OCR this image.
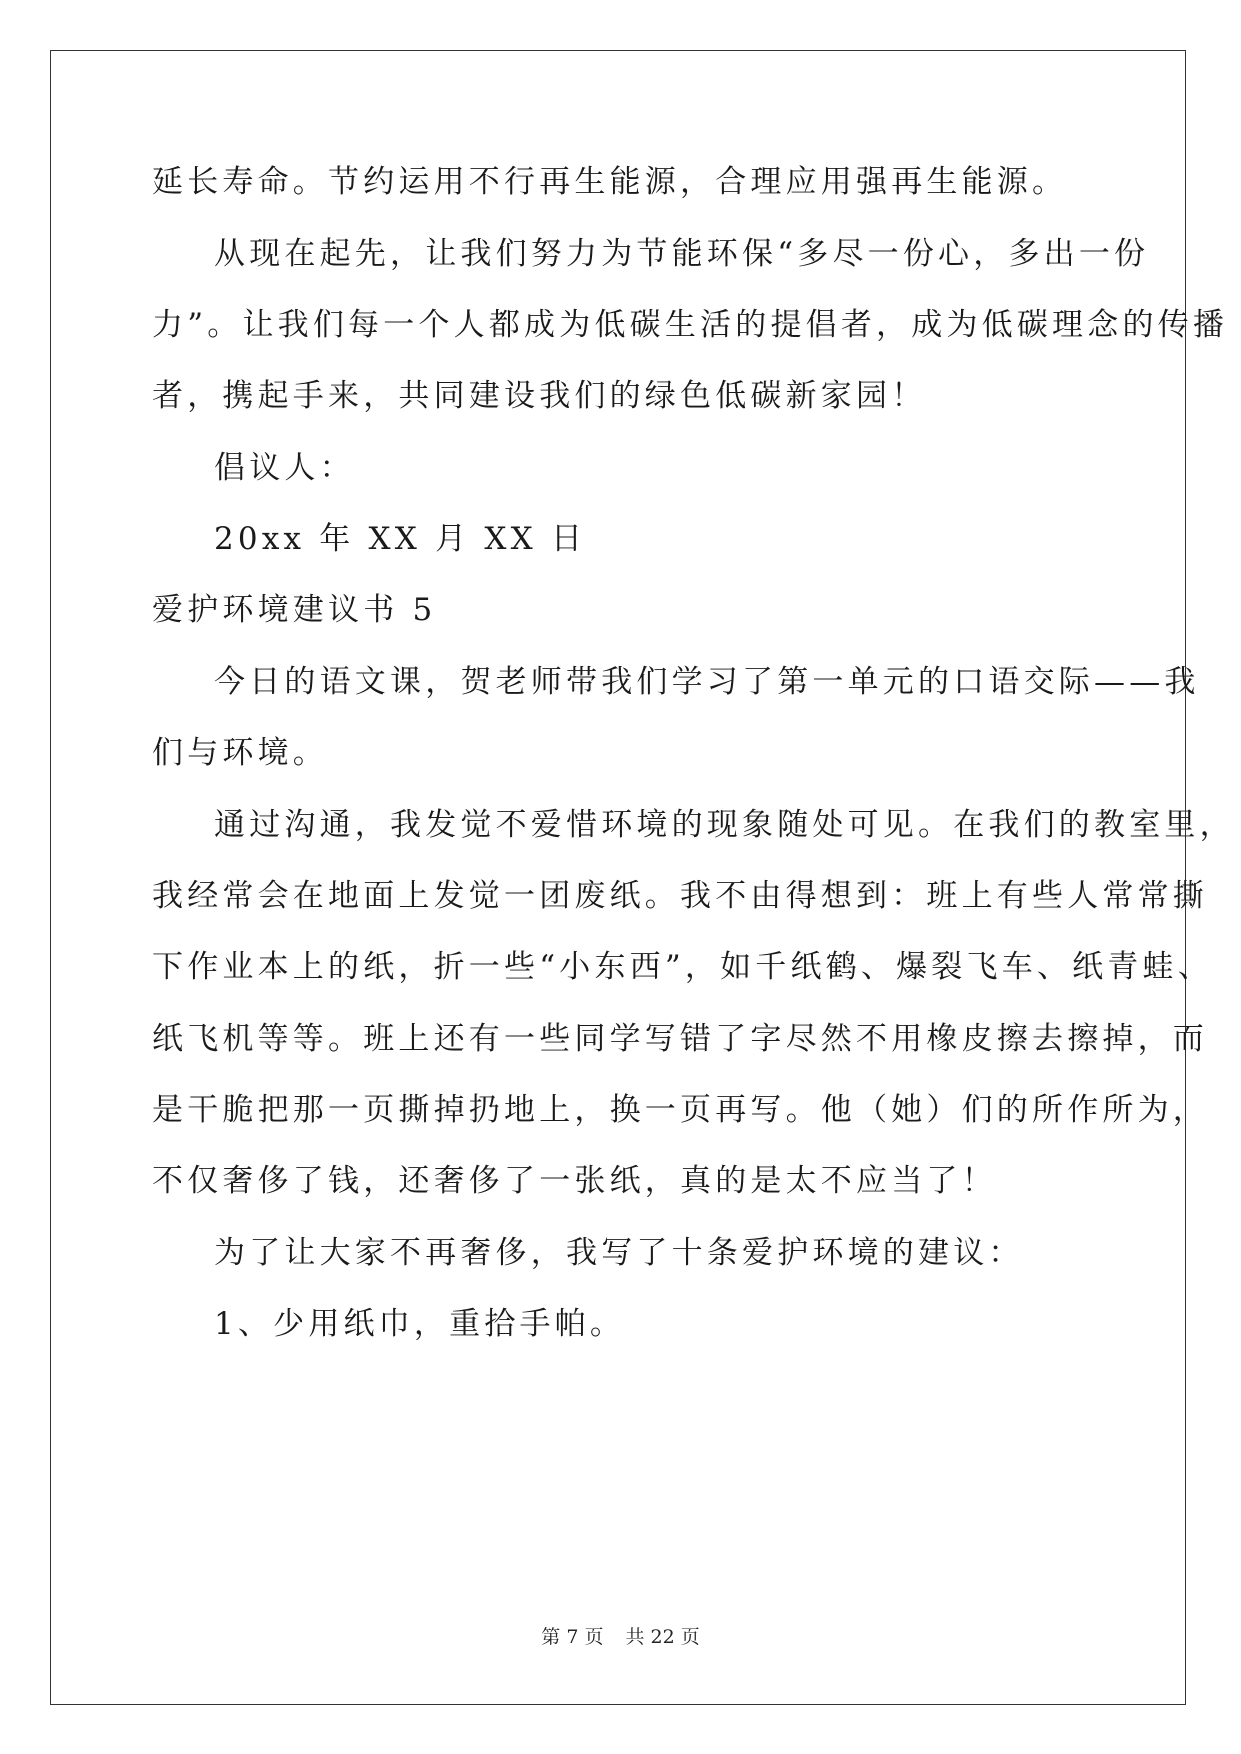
延长寿命。节约运用不行再生能源，合理应用强再生能源。
从现在起先，让我们努力为节能环保“多尽一份心，多出一份
力”。让我们每一个人都成为低碳生活的提倡者，成为低碳理念的传播
者，携起手来，共同建设我们的绿色低碳新家园！
倡议人：
20xx 年 XX 月 XX 日
爱护环境建议书 5
今日的语文课，贺老师带我们学习了第一单元的口语交际——我
们与环境。
通过沟通，我发觉不爱惜环境的现象随处可见。在我们的教室里，
我经常会在地面上发觉一团废纸。我不由得想到：班上有些人常常撕
下作业本上的纸，折一些“小东西”，如千纸鹤、爆裂飞车、纸青蛙、
纸飞机等等。班上还有一些同学写错了字尽然不用橡皮擦去擦掉，而
是干脆把那一页撕掉扔地上，换一页再写。他（她）们的所作所为，
不仅奢侈了钱，还奢侈了一张纸，真的是太不应当了！
为了让大家不再奢侈，我写了十条爱护环境的建议：
1、少用纸巾，重拾手帕。
第 7 页 共 22 页
